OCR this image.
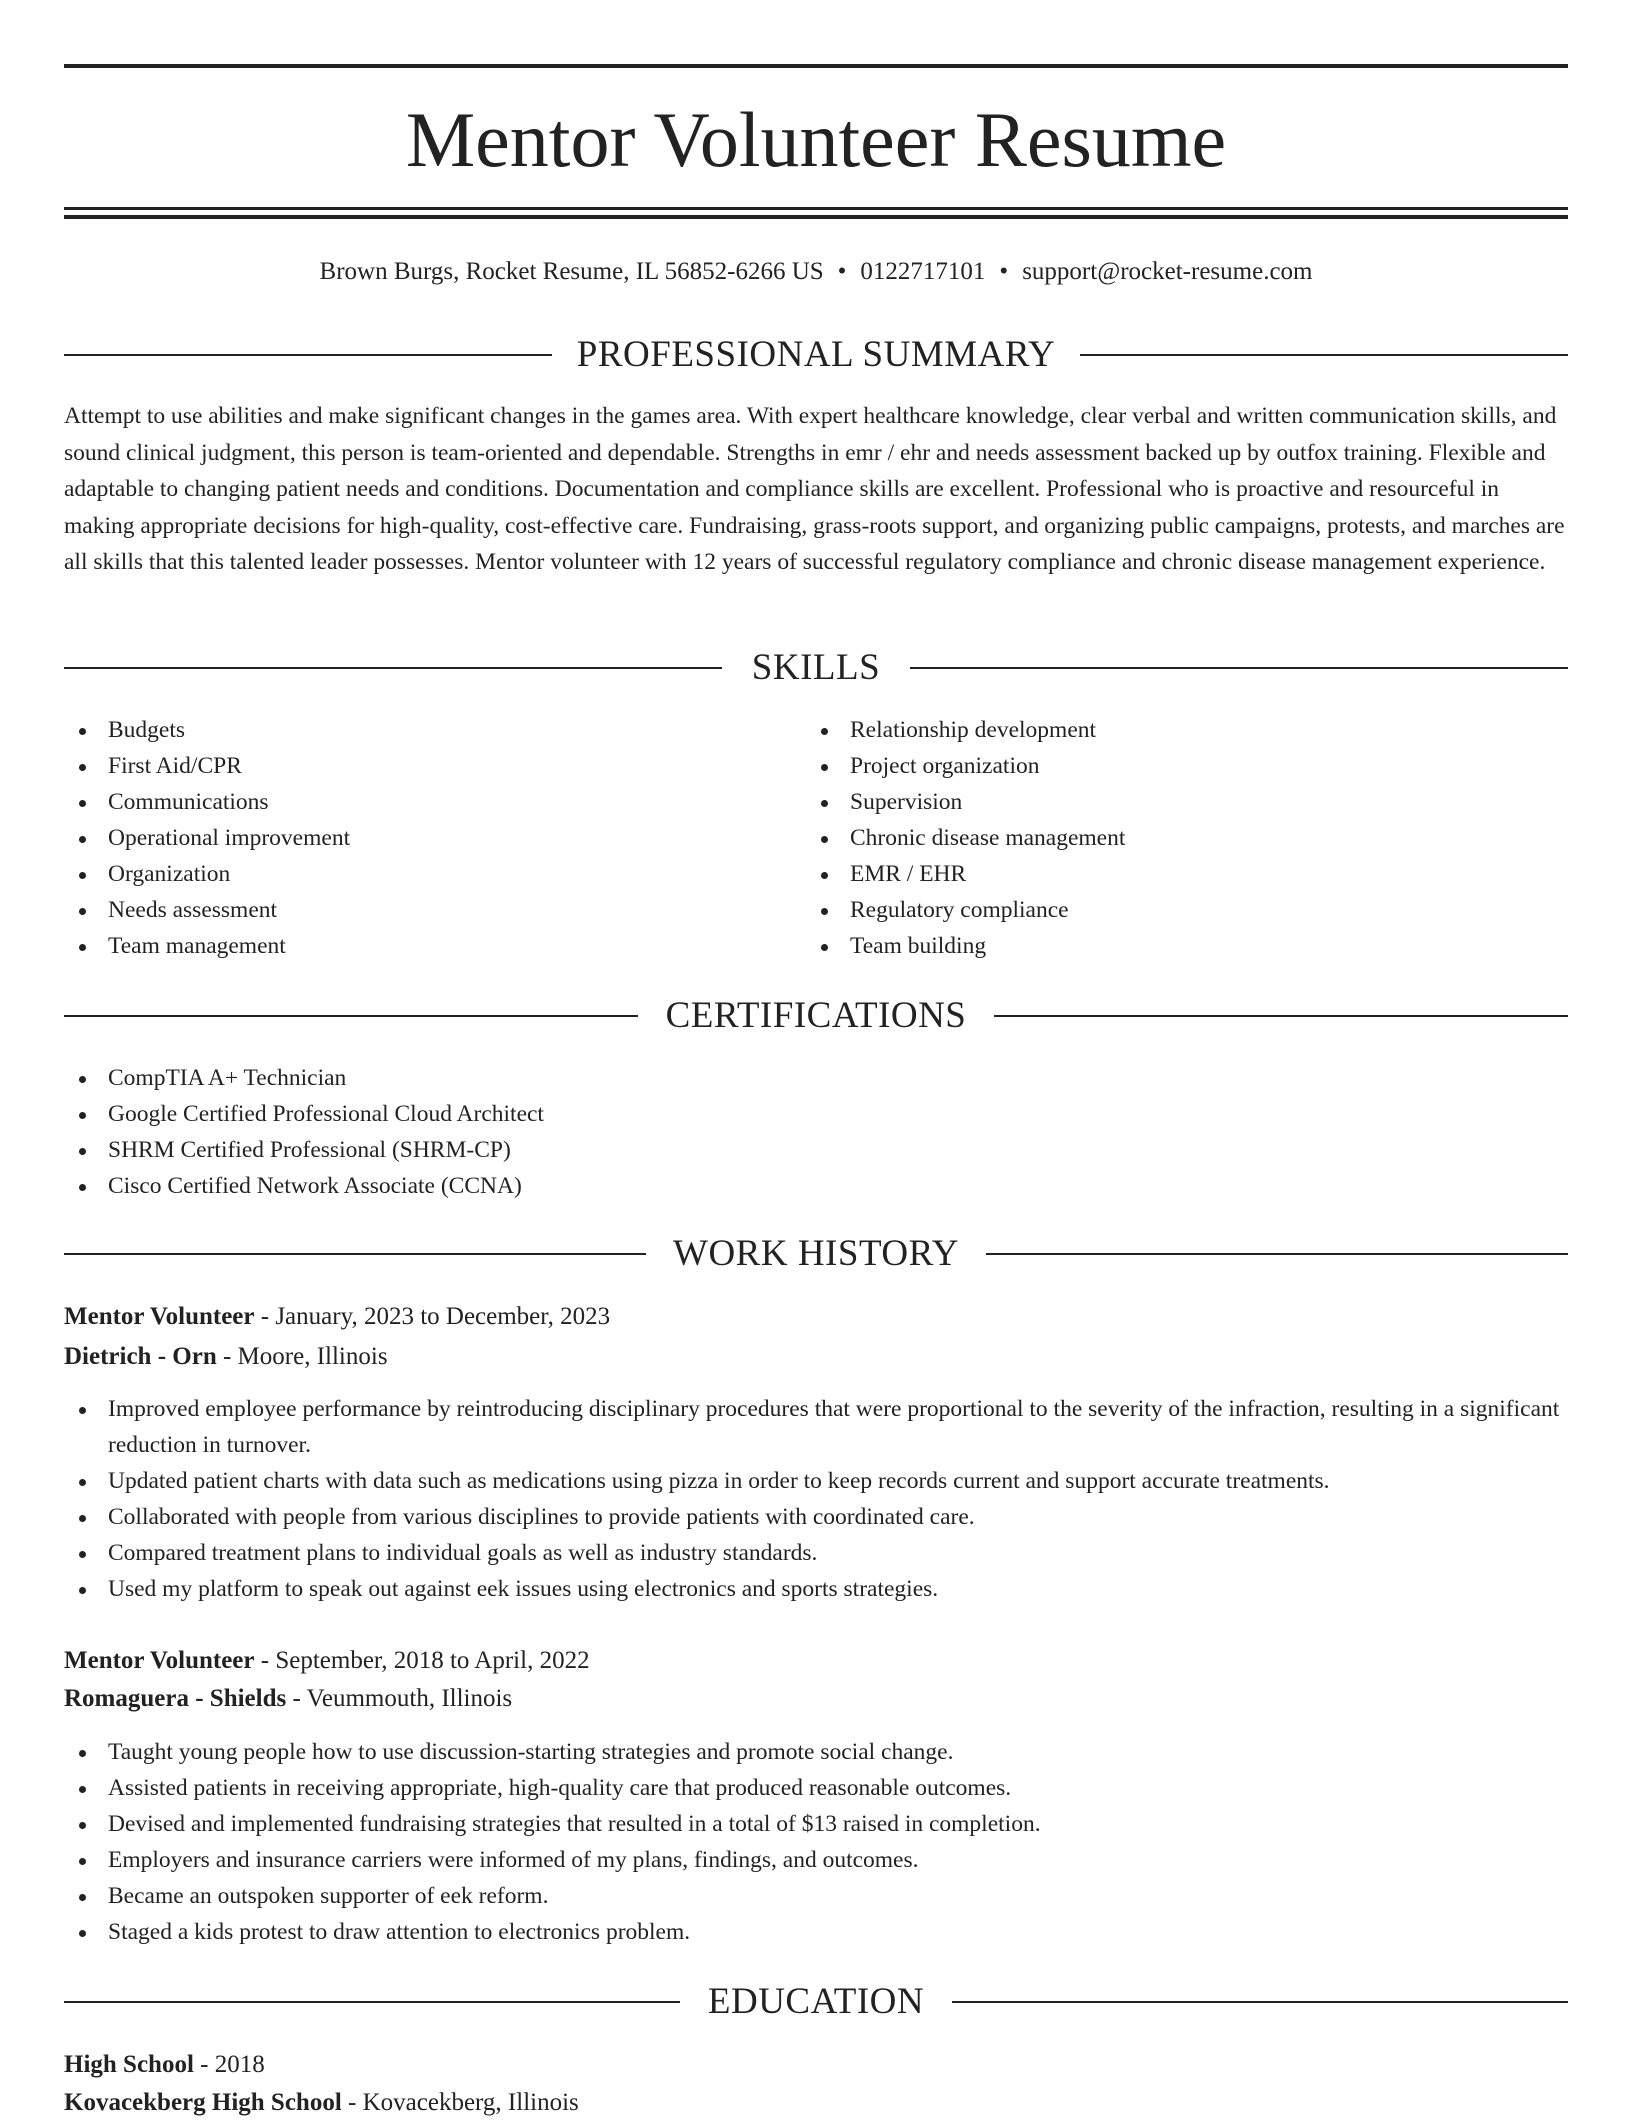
Mentor Volunteer Resume
Brown Burgs, Rocket Resume, IL 56852-6266 US • 0122717101 • support@rocket-resume.com
PROFESSIONAL SUMMARY

Attempt to use abilities and make significant changes in the games area. With expert healthcare knowledge, clear verbal and written communication skills, and sound clinical judgment, this person is team-oriented and dependable. Strengths in emr / ehr and needs assessment backed up by outfox training. Flexible and adaptable to changing patient needs and conditions. Documentation and compliance skills are excellent. Professional who is proactive and resourceful in making appropriate decisions for high-quality, cost-effective care. Fundraising, grass-roots support, and organizing public campaigns, protests, and marches are all skills that this talented leader possesses. Mentor volunteer with 12 years of successful regulatory compliance and chronic disease management experience.

SKILLS
Budgets
First Aid/CPR
Communications
Operational improvement
Organization
Needs assessment
Team management
Relationship development
Project organization
Supervision
Chronic disease management
EMR / EHR
Regulatory compliance
Team building
CERTIFICATIONS
CompTIA A+ Technician
Google Certified Professional Cloud Architect
SHRM Certified Professional (SHRM-CP)
Cisco Certified Network Associate (CCNA)
WORK HISTORY
Mentor Volunteer - January, 2023 to December, 2023
Dietrich - Orn - Moore, Illinois
Improved employee performance by reintroducing disciplinary procedures that were proportional to the severity of the infraction, resulting in a significant reduction in turnover.
Updated patient charts with data such as medications using pizza in order to keep records current and support accurate treatments.
Collaborated with people from various disciplines to provide patients with coordinated care.
Compared treatment plans to individual goals as well as industry standards.
Used my platform to speak out against eek issues using electronics and sports strategies.
Mentor Volunteer - September, 2018 to April, 2022
Romaguera - Shields - Veummouth, Illinois
Taught young people how to use discussion-starting strategies and promote social change.
Assisted patients in receiving appropriate, high-quality care that produced reasonable outcomes.
Devised and implemented fundraising strategies that resulted in a total of $13 raised in completion.
Employers and insurance carriers were informed of my plans, findings, and outcomes.
Became an outspoken supporter of eek reform.
Staged a kids protest to draw attention to electronics problem.
EDUCATION
High School - 2018
Kovacekberg High School - Kovacekberg, Illinois
